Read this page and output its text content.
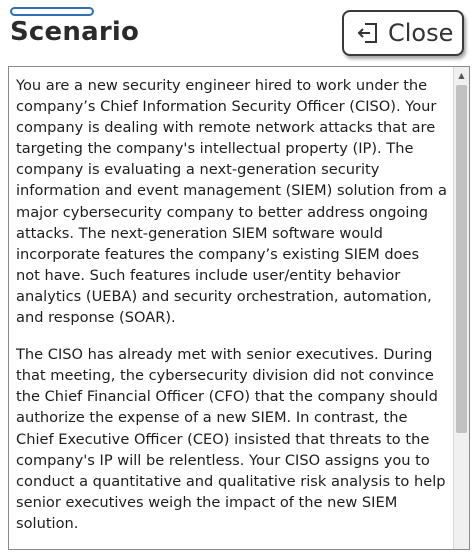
Scenario	Close

You are a new security engineer hired to work under the company’s Chief Information Security Officer (CISO). Your company is dealing with remote network attacks that are targeting the company's intellectual property (IP). The company is evaluating a next-generation security information and event management (SIEM) solution from a major cybersecurity company to better address ongoing attacks. The next-generation SIEM software would incorporate features the company’s existing SIEM does not have. Such features include user/entity behavior analytics (UEBA) and security orchestration, automation, and response (SOAR).

The CISO has already met with senior executives. During that meeting, the cybersecurity division did not convince the Chief Financial Officer (CFO) that the company should authorize the expense of a new SIEM. In contrast, the Chief Executive Officer (CEO) insisted that threats to the company's IP will be relentless. Your CISO assigns you to conduct a quantitative and qualitative risk analysis to help senior executives weigh the impact of the new SIEM solution.

▲
